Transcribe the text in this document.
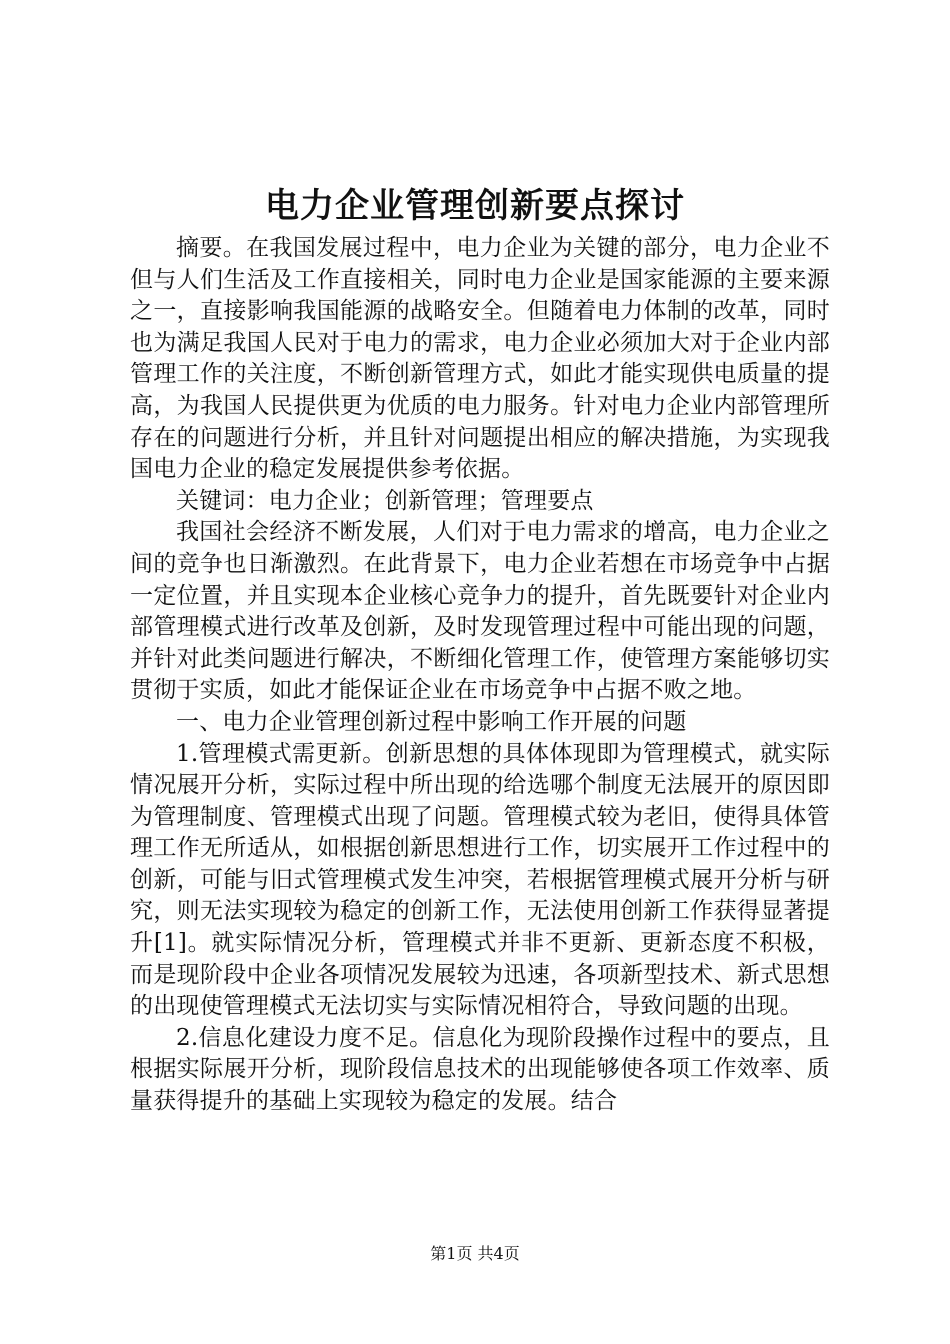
电力企业管理创新要点探讨

摘要。在我国发展过程中，电力企业为关键的部分，电力企业不但与人们生活及工作直接相关，同时电力企业是国家能源的主要来源之一，直接影响我国能源的战略安全。但随着电力体制的改革，同时也为满足我国人民对于电力的需求，电力企业必须加大对于企业内部管理工作的关注度，不断创新管理方式，如此才能实现供电质量的提高，为我国人民提供更为优质的电力服务。针对电力企业内部管理所存在的问题进行分析，并且针对问题提出相应的解决措施，为实现我国电力企业的稳定发展提供参考依据。

关键词：电力企业；创新管理；管理要点

我国社会经济不断发展，人们对于电力需求的增高，电力企业之间的竞争也日渐激烈。在此背景下，电力企业若想在市场竞争中占据一定位置，并且实现本企业核心竞争力的提升，首先既要针对企业内部管理模式进行改革及创新，及时发现管理过程中可能出现的问题，并针对此类问题进行解决，不断细化管理工作，使管理方案能够切实贯彻于实质，如此才能保证企业在市场竞争中占据不败之地。

一、电力企业管理创新过程中影响工作开展的问题

1.管理模式需更新。创新思想的具体体现即为管理模式，就实际情况展开分析，实际过程中所出现的给选哪个制度无法展开的原因即为管理制度、管理模式出现了问题。管理模式较为老旧，使得具体管理工作无所适从，如根据创新思想进行工作，切实展开工作过程中的创新，可能与旧式管理模式发生冲突，若根据管理模式展开分析与研究，则无法实现较为稳定的创新工作，无法使用创新工作获得显著提升[1]。就实际情况分析，管理模式并非不更新、更新态度不积极，而是现阶段中企业各项情况发展较为迅速，各项新型技术、新式思想的出现使管理模式无法切实与实际情况相符合，导致问题的出现。

2.信息化建设力度不足。信息化为现阶段操作过程中的要点，且根据实际展开分析，现阶段信息技术的出现能够使各项工作效率、质量获得提升的基础上实现较为稳定的发展。结合

第1页 共4页
